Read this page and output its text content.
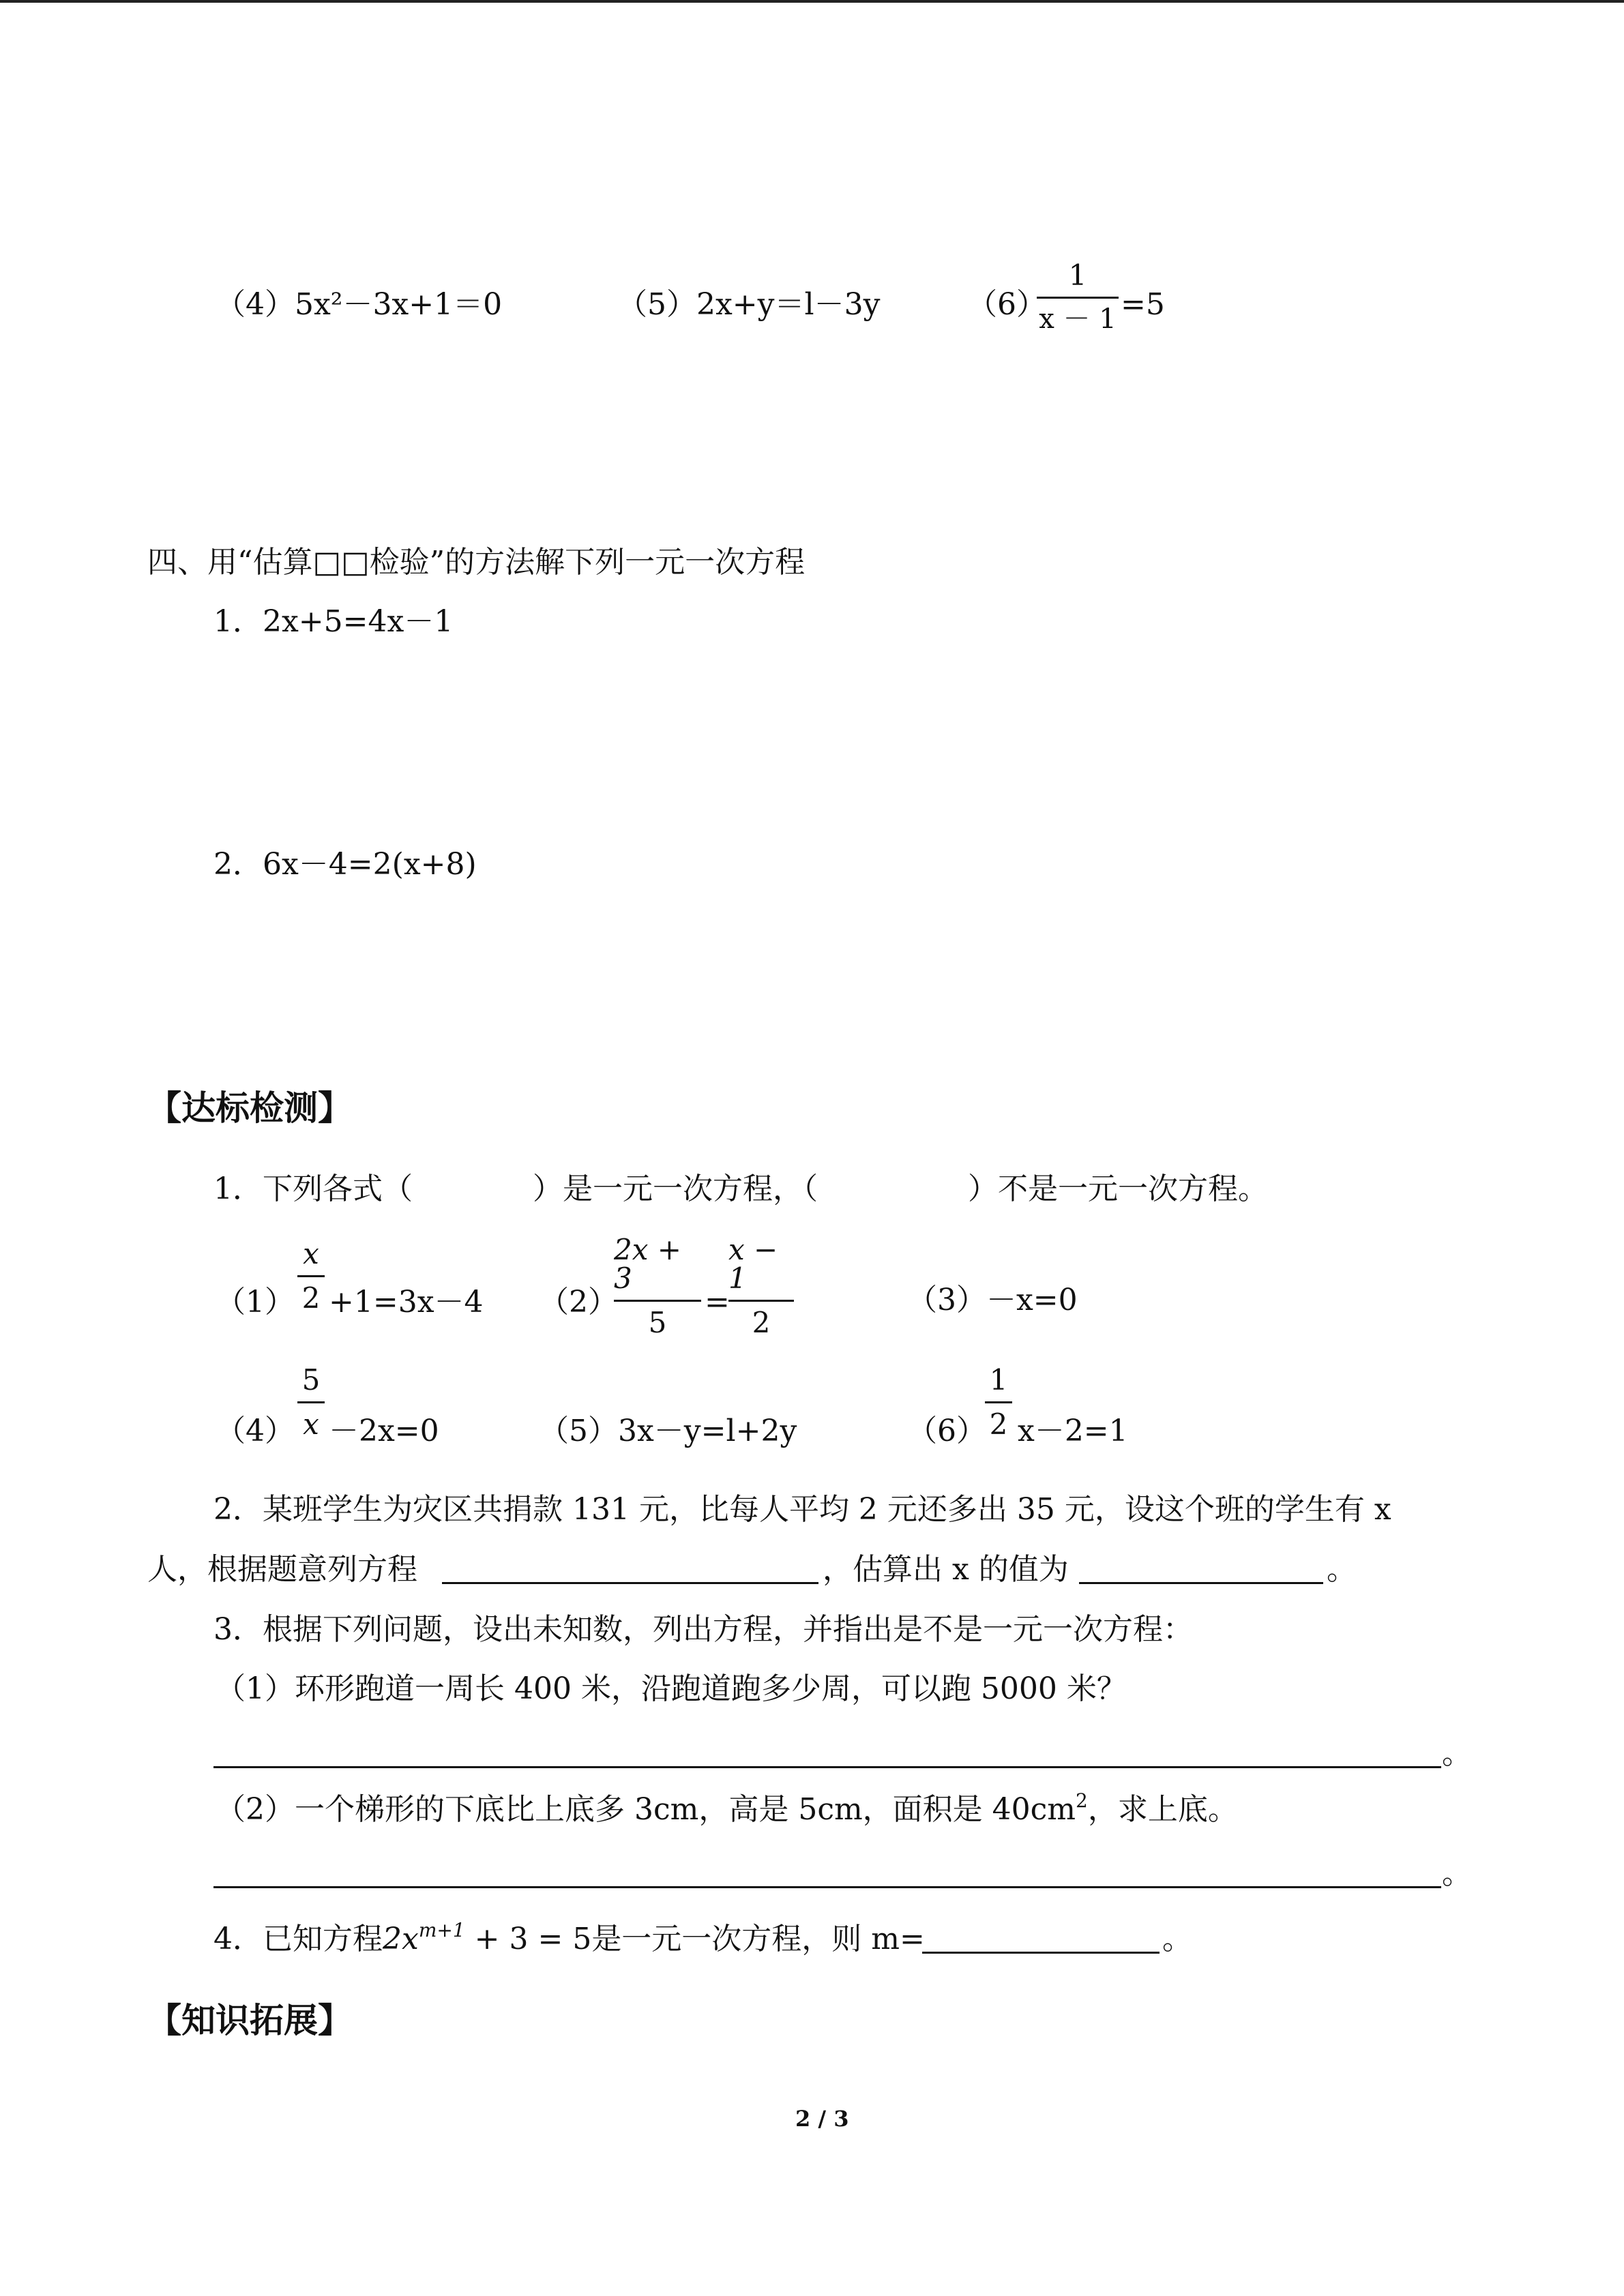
（4）5x²－3x+1＝0	（5）2x+y＝l－3y	（6）
1
x － 1 =5
四、用“估算□□检验”的方法解下列一元一次方程
1．2x+5=4x－1
2．6x－4=2(x+8)
【达标检测】
1．下列各式（　　　　）是一元一次方程，（　　　　　）不是一元一次方程。
（1）
x
2 +1=3x－4 （2）
2x + 3
5
=
x − 1
2
（3）－x=0
（4）
5
x －2x=0	（5）3x－y=l+2y	（6）
1
2 x－2=1
2．某班学生为灾区共捐款 131 元，比每人平均 2 元还多出 35 元，设这个班的学生有 x
人，根据题意列方程	，估算出 x 的值为	。
3．根据下列问题，设出未知数，列出方程，并指出是不是一元一次方程：
（1）环形跑道一周长 400 米，沿跑道跑多少周，可以跑 5000 米？
。
（2）一个梯形的下底比上底多 3cm，高是 5cm，面积是 $40cm^2$，求上底。
。
4．已知方程$2x^{m+1} + 3 = 5$是一元一次方程，则 m=	。
【知识拓展】
2 / 3
